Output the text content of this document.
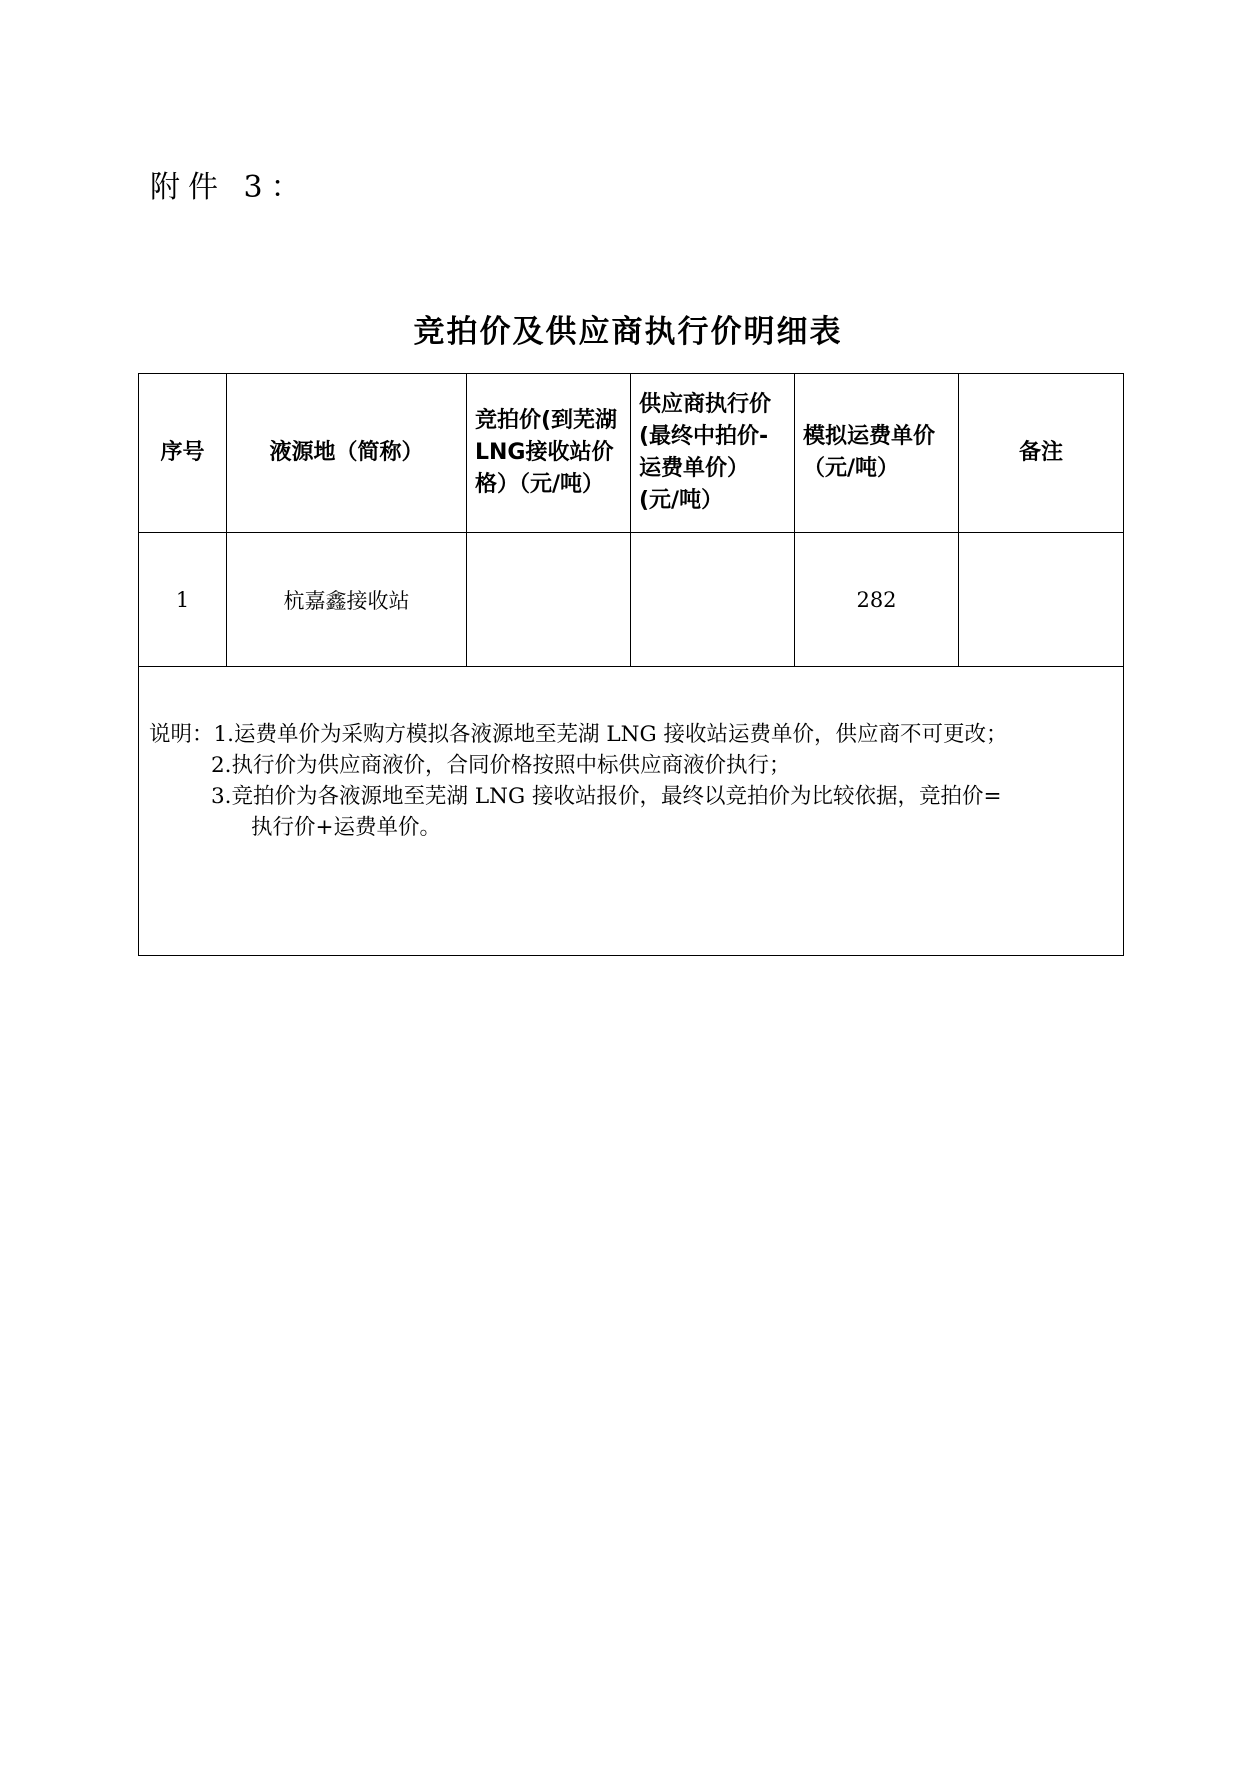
附件 3：
竞拍价及供应商执行价明细表
序号	液源地（简称）	竞拍价(到芜湖LNG接收站价格）（元/吨）	供应商执行价(最终中拍价-运费单价）(元/吨）	模拟运费单价（元/吨）	备注
1	杭嘉鑫接收站			282	

说明：1.运费单价为采购方模拟各液源地至芜湖 LNG 接收站运费单价，供应商不可更改；
2.执行价为供应商液价，合同价格按照中标供应商液价执行；
3.竞拍价为各液源地至芜湖 LNG 接收站报价，最终以竞拍价为比较依据，竞拍价=
执行价+运费单价。					
